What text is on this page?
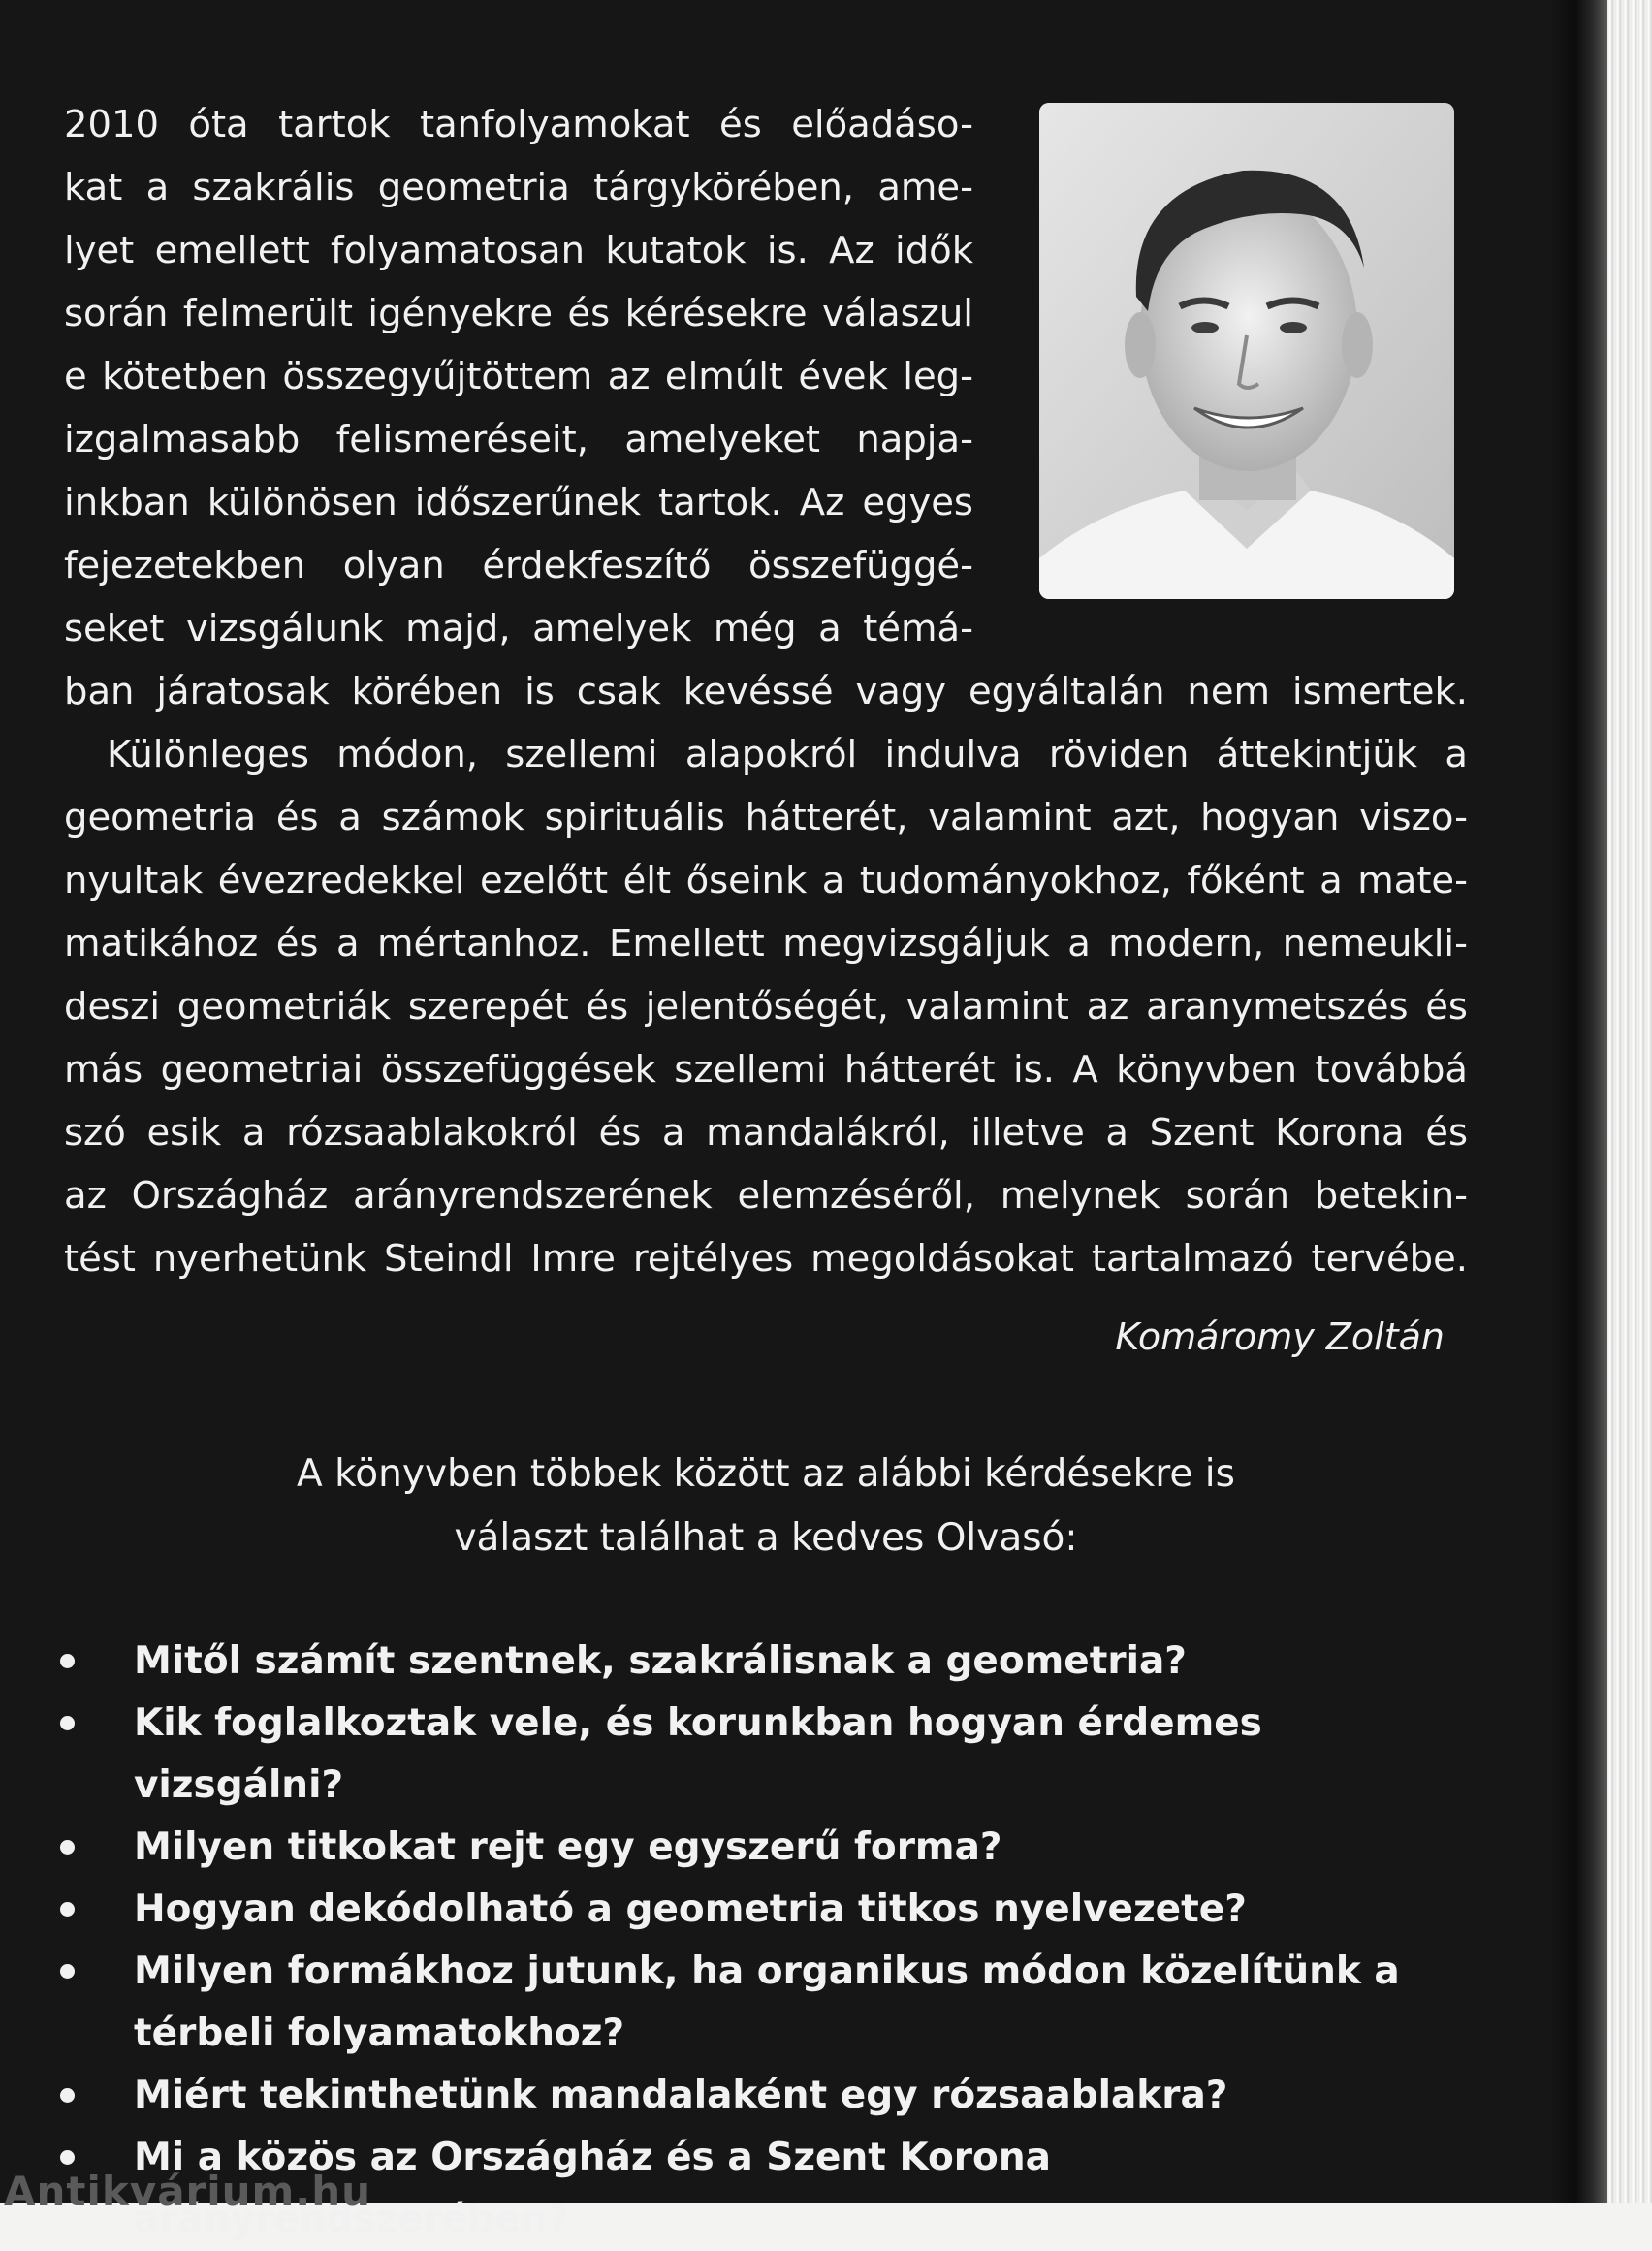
2010 óta tartok tanfolyamokat és előadáso-
kat a szakrális geometria tárgykörében, ame-
lyet emellett folyamatosan kutatok is. Az idők
során felmerült igényekre és kérésekre válaszul
e kötetben összegyűjtöttem az elmúlt évek leg-
izgalmasabb felismeréseit, amelyeket napja-
inkban különösen időszerűnek tartok. Az egyes
fejezetekben olyan érdekfeszítő összefüggé-
seket vizsgálunk majd, amelyek még a témá-
ban járatosak körében is csak kevéssé vagy egyáltalán nem ismertek.
Különleges módon, szellemi alapokról indulva röviden áttekintjük a
geometria és a számok spirituális hátterét, valamint azt, hogyan viszo-
nyultak évezredekkel ezelőtt élt őseink a tudományokhoz, főként a mate-
matikához és a mértanhoz. Emellett megvizsgáljuk a modern, nemeukli-
deszi geometriák szerepét és jelentőségét, valamint az aranymetszés és
más geometriai összefüggések szellemi hátterét is. A könyvben továbbá
szó esik a rózsaablakokról és a mandalákról, illetve a Szent Korona és
az Országház arányrendszerének elemzéséről, melynek során betekin-
tést nyerhetünk Steindl Imre rejtélyes megoldásokat tartalmazó tervébe.

Komáromy Zoltán

A könyvben többek között az alábbi kérdésekre is
választ találhat a kedves Olvasó:

Mitől számít szentnek, szakrálisnak a geometria?
Kik foglalkoztak vele, és korunkban hogyan érdemes vizsgálni?
Milyen titkokat rejt egy egyszerű forma?
Hogyan dekódolható a geometria titkos nyelvezete?
Milyen formákhoz jutunk, ha organikus módon közelítünk a térbeli folyamatokhoz?
Miért tekinthetünk mandalaként egy rózsaablakra?
Mi a közös az Országház és a Szent Korona arányrendszerében?
Antikvárium.hu
